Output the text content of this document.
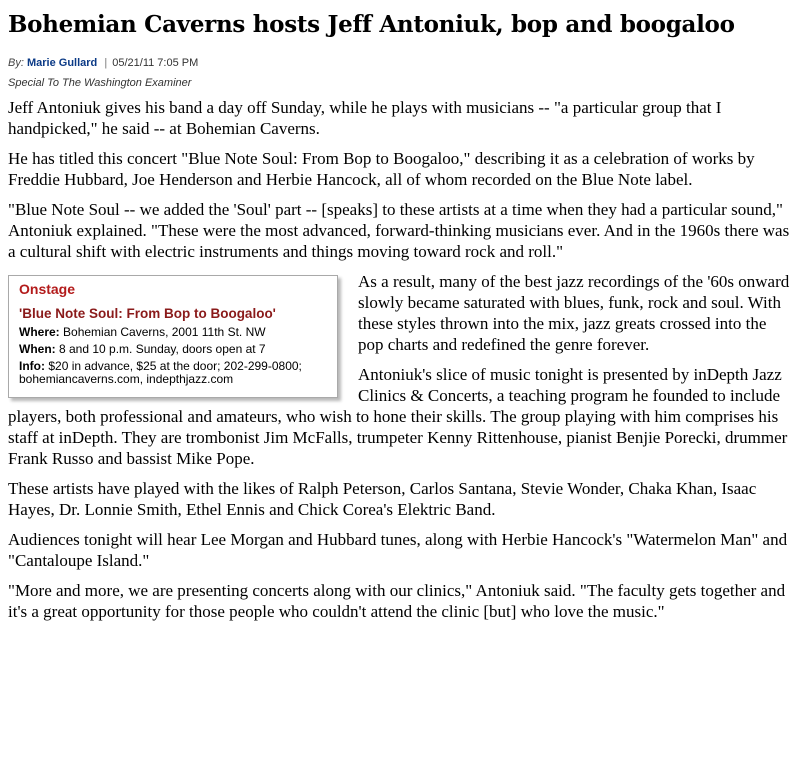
Bohemian Caverns hosts Jeff Antoniuk, bop and boogaloo
By: Marie Gullard | 05/21/11 7:05 PM
Special To The Washington Examiner

Jeff Antoniuk gives his band a day off Sunday, while he plays with musicians -- "a particular group that I handpicked," he said -- at Bohemian Caverns.

He has titled this concert "Blue Note Soul: From Bop to Boogaloo," describing it as a celebration of works by Freddie Hubbard, Joe Henderson and Herbie Hancock, all of whom recorded on the Blue Note label.

"Blue Note Soul -- we added the 'Soul' part -- [speaks] to these artists at a time when they had a particular sound," Antoniuk explained. "These were the most advanced, forward-thinking musicians ever. And in the 1960s there was a cultural shift with electric instruments and things moving toward rock and roll."

Onstage
'Blue Note Soul: From Bop to Boogaloo'
Where: Bohemian Caverns, 2001 11th St. NW
When: 8 and 10 p.m. Sunday, doors open at 7
Info: $20 in advance, $25 at the door; 202-299-0800; bohemiancaverns.com, indepthjazz.com

As a result, many of the best jazz recordings of the '60s onward slowly became saturated with blues, funk, rock and soul. With these styles thrown into the mix, jazz greats crossed into the pop charts and redefined the genre forever.

Antoniuk's slice of music tonight is presented by inDepth Jazz Clinics & Concerts, a teaching program he founded to include players, both professional and amateurs, who wish to hone their skills. The group playing with him comprises his staff at inDepth. They are trombonist Jim McFalls, trumpeter Kenny Rittenhouse, pianist Benjie Porecki, drummer Frank Russo and bassist Mike Pope.

These artists have played with the likes of Ralph Peterson, Carlos Santana, Stevie Wonder, Chaka Khan, Isaac Hayes, Dr. Lonnie Smith, Ethel Ennis and Chick Corea's Elektric Band.

Audiences tonight will hear Lee Morgan and Hubbard tunes, along with Herbie Hancock's "Watermelon Man" and "Cantaloupe Island."

"More and more, we are presenting concerts along with our clinics," Antoniuk said. "The faculty gets together and it's a great opportunity for those people who couldn't attend the clinic [but] who love the music."
